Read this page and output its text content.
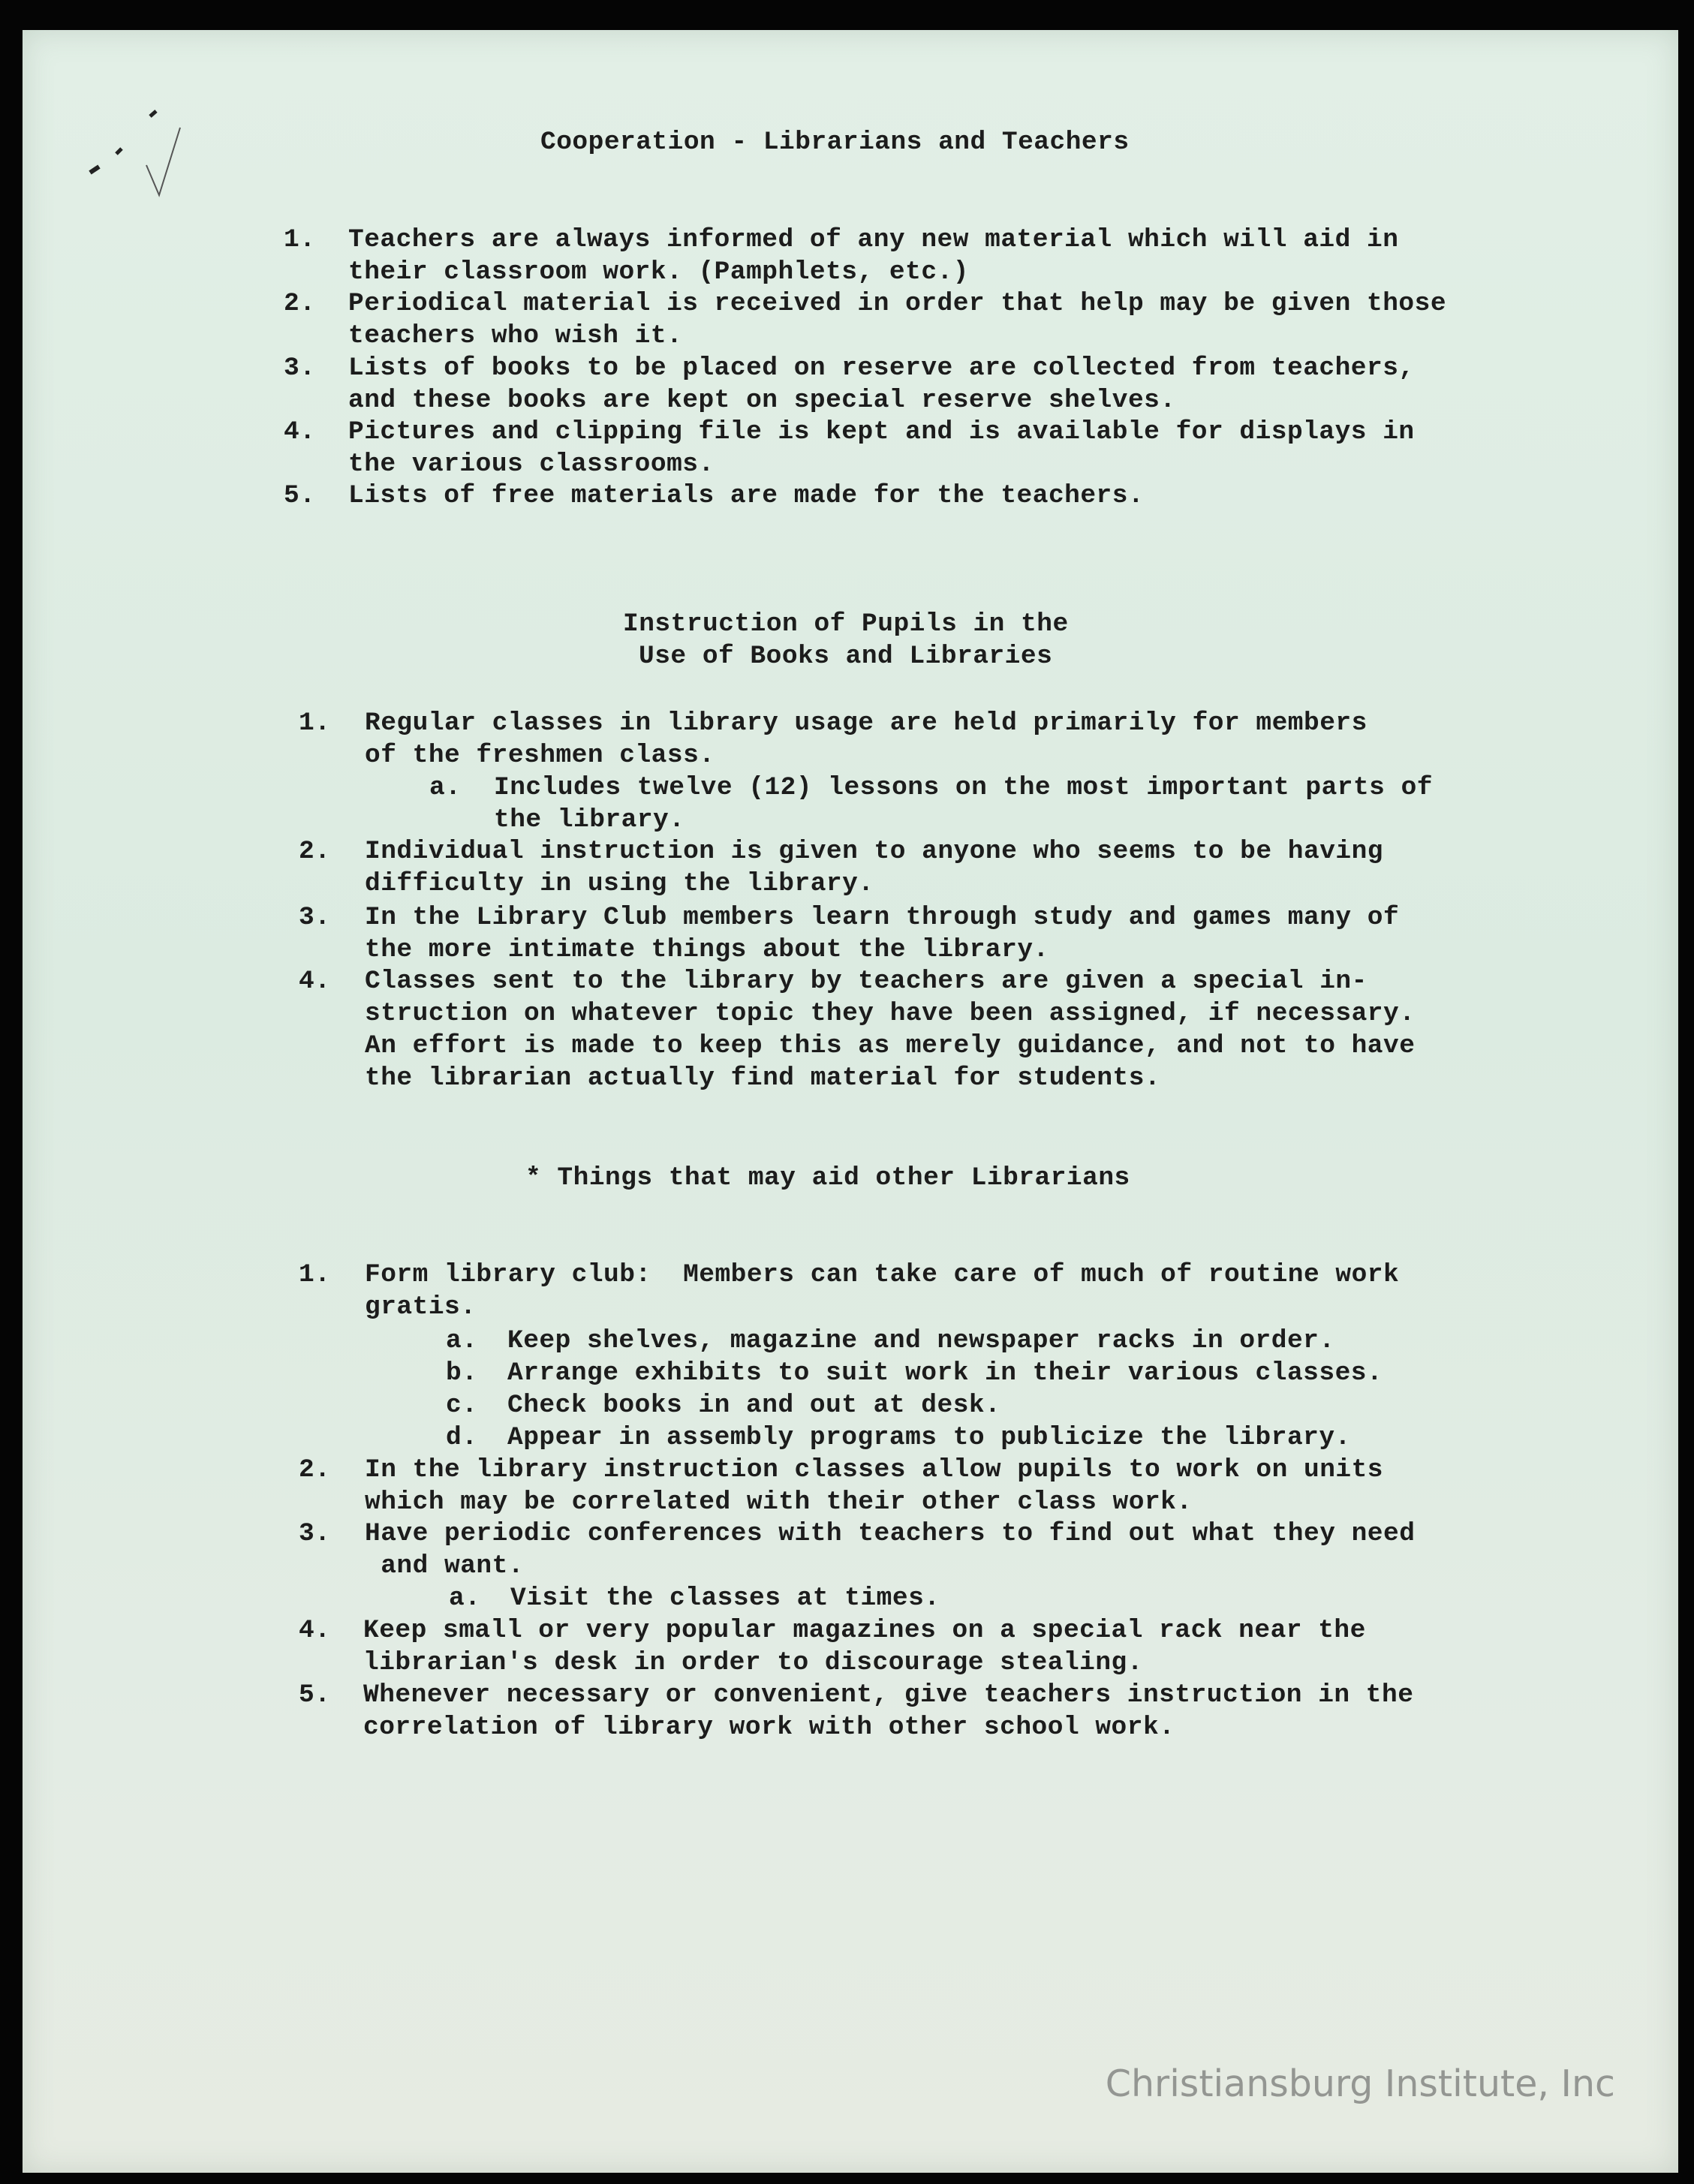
Cooperation - Librarians and Teachers

1.

Teachers are always informed of any new material which will aid in

their classroom work. (Pamphlets, etc.)

2.

Periodical material is received in order that help may be given those

teachers who wish it.

3.

Lists of books to be placed on reserve are collected from teachers,

and these books are kept on special reserve shelves.

4.

Pictures and clipping file is kept and is available for displays in

the various classrooms.

5.

Lists of free materials are made for the teachers.

Instruction of Pupils in the
Use of Books and Libraries

1.

Regular classes in library usage are held primarily for members

of the freshmen class.

a.

Includes twelve (12) lessons on the most important parts of

the library.

2.

Individual instruction is given to anyone who seems to be having

difficulty in using the library.

3.

In the Library Club members learn through study and games many of

the more intimate things about the library.

4.

Classes sent to the library by teachers are given a special in-

struction on whatever topic they have been assigned, if necessary.

An effort is made to keep this as merely guidance, and not to have

the librarian actually find material for students.

* Things that may aid other Librarians

1.

Form library club:  Members can take care of much of routine work

gratis.

a.

Keep shelves, magazine and newspaper racks in order.

b.

Arrange exhibits to suit work in their various classes.

c.

Check books in and out at desk.

d.

Appear in assembly programs to publicize the library.

2.

In the library instruction classes allow pupils to work on units

which may be correlated with their other class work.

3.

Have periodic conferences with teachers to find out what they need

and want.

a.

Visit the classes at times.

4.

Keep small or very popular magazines on a special rack near the

librarian's desk in order to discourage stealing.

5.

Whenever necessary or convenient, give teachers instruction in the

correlation of library work with other school work.

Christiansburg Institute, Inc
